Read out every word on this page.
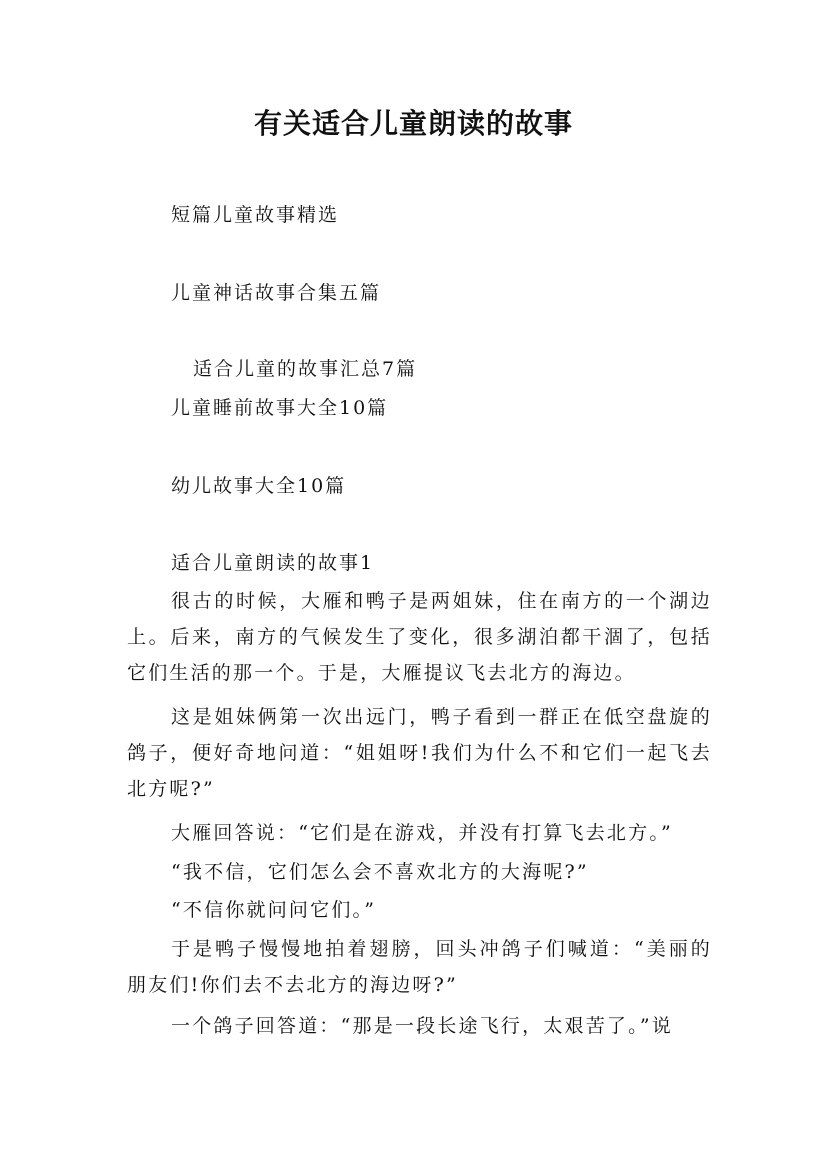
有关适合儿童朗读的故事
短篇儿童故事精选
儿童神话故事合集五篇
适合儿童的故事汇总7篇
儿童睡前故事大全10篇
幼儿故事大全10篇
适合儿童朗读的故事1

很古的时候，大雁和鸭子是两姐妹，住在南方的一个湖边上。后来，南方的气候发生了变化，很多湖泊都干涸了，包括它们生活的那一个。于是，大雁提议飞去北方的海边。

这是姐妹俩第一次出远门，鸭子看到一群正在低空盘旋的鸽子，便好奇地问道：“姐姐呀!我们为什么不和它们一起飞去北方呢?”

大雁回答说：“它们是在游戏，并没有打算飞去北方。”

“我不信，它们怎么会不喜欢北方的大海呢?”

“不信你就问问它们。”

于是鸭子慢慢地拍着翅膀，回头冲鸽子们喊道：“美丽的朋友们!你们去不去北方的海边呀?”

一个鸽子回答道：“那是一段长途飞行，太艰苦了。”说
